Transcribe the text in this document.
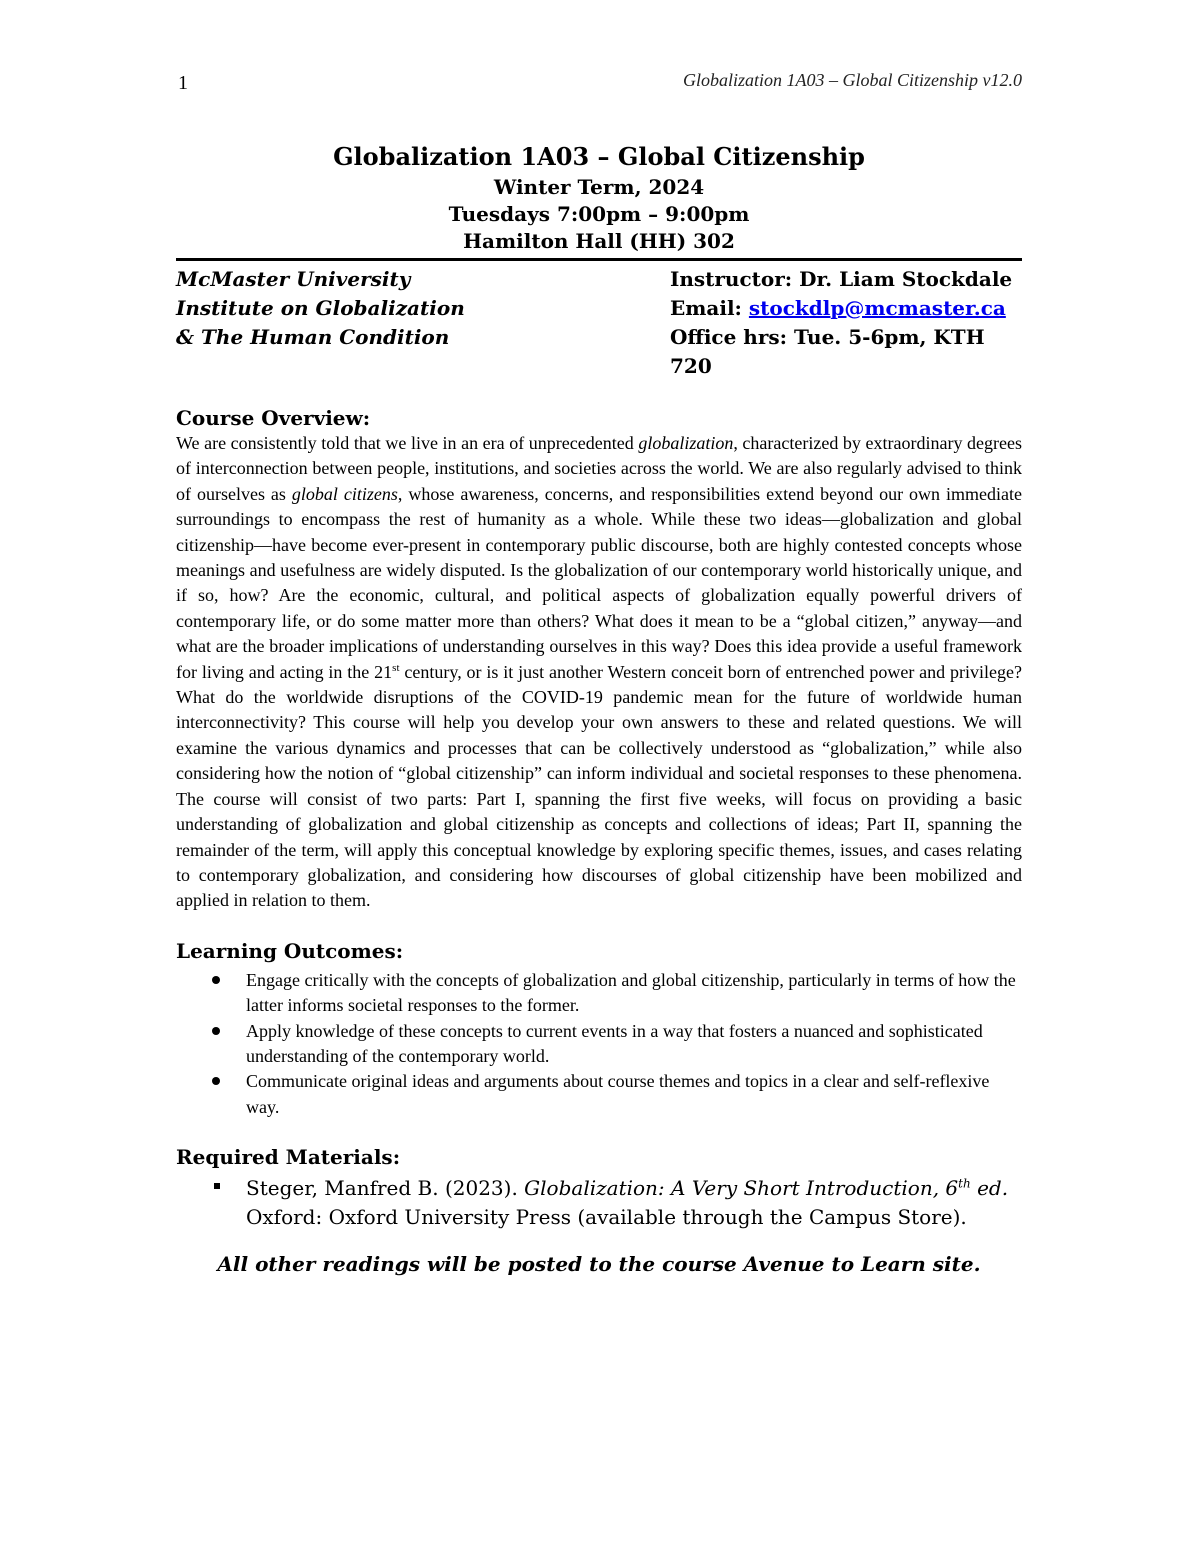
1	Globalization 1A03 – Global Citizenship v12.0
Globalization 1A03 – Global Citizenship
Winter Term, 2024
Tuesdays 7:00pm – 9:00pm
Hamilton Hall (HH) 302
McMaster University
Institute on Globalization
& The Human Condition
Instructor: Dr. Liam Stockdale
Email: stockdlp@mcmaster.ca
Office hrs: Tue. 5-6pm, KTH 720
Course Overview:

We are consistently told that we live in an era of unprecedented globalization, characterized by extraordinary degrees of interconnection between people, institutions, and societies across the world. We are also regularly advised to think of ourselves as global citizens, whose awareness, concerns, and responsibilities extend beyond our own immediate surroundings to encompass the rest of humanity as a whole. While these two ideas—globalization and global citizenship—have become ever-present in contemporary public discourse, both are highly contested concepts whose meanings and usefulness are widely disputed. Is the globalization of our contemporary world historically unique, and if so, how? Are the economic, cultural, and political aspects of globalization equally powerful drivers of contemporary life, or do some matter more than others? What does it mean to be a “global citizen,” anyway—and what are the broader implications of understanding ourselves in this way? Does this idea provide a useful framework for living and acting in the 21st century, or is it just another Western conceit born of entrenched power and privilege? What do the worldwide disruptions of the COVID-19 pandemic mean for the future of worldwide human interconnectivity? This course will help you develop your own answers to these and related questions. We will examine the various dynamics and processes that can be collectively understood as “globalization,” while also considering how the notion of “global citizenship” can inform individual and societal responses to these phenomena. The course will consist of two parts: Part I, spanning the first five weeks, will focus on providing a basic understanding of globalization and global citizenship as concepts and collections of ideas; Part II, spanning the remainder of the term, will apply this conceptual knowledge by exploring specific themes, issues, and cases relating to contemporary globalization, and considering how discourses of global citizenship have been mobilized and applied in relation to them.

Learning Outcomes:
Engage critically with the concepts of globalization and global citizenship, particularly in terms of how the latter informs societal responses to the former.
Apply knowledge of these concepts to current events in a way that fosters a nuanced and sophisticated understanding of the contemporary world.
Communicate original ideas and arguments about course themes and topics in a clear and self-reflexive way.
Required Materials:
Steger, Manfred B. (2023). Globalization: A Very Short Introduction, 6th ed.
Oxford: Oxford University Press (available through the Campus Store).
All other readings will be posted to the course Avenue to Learn site.
